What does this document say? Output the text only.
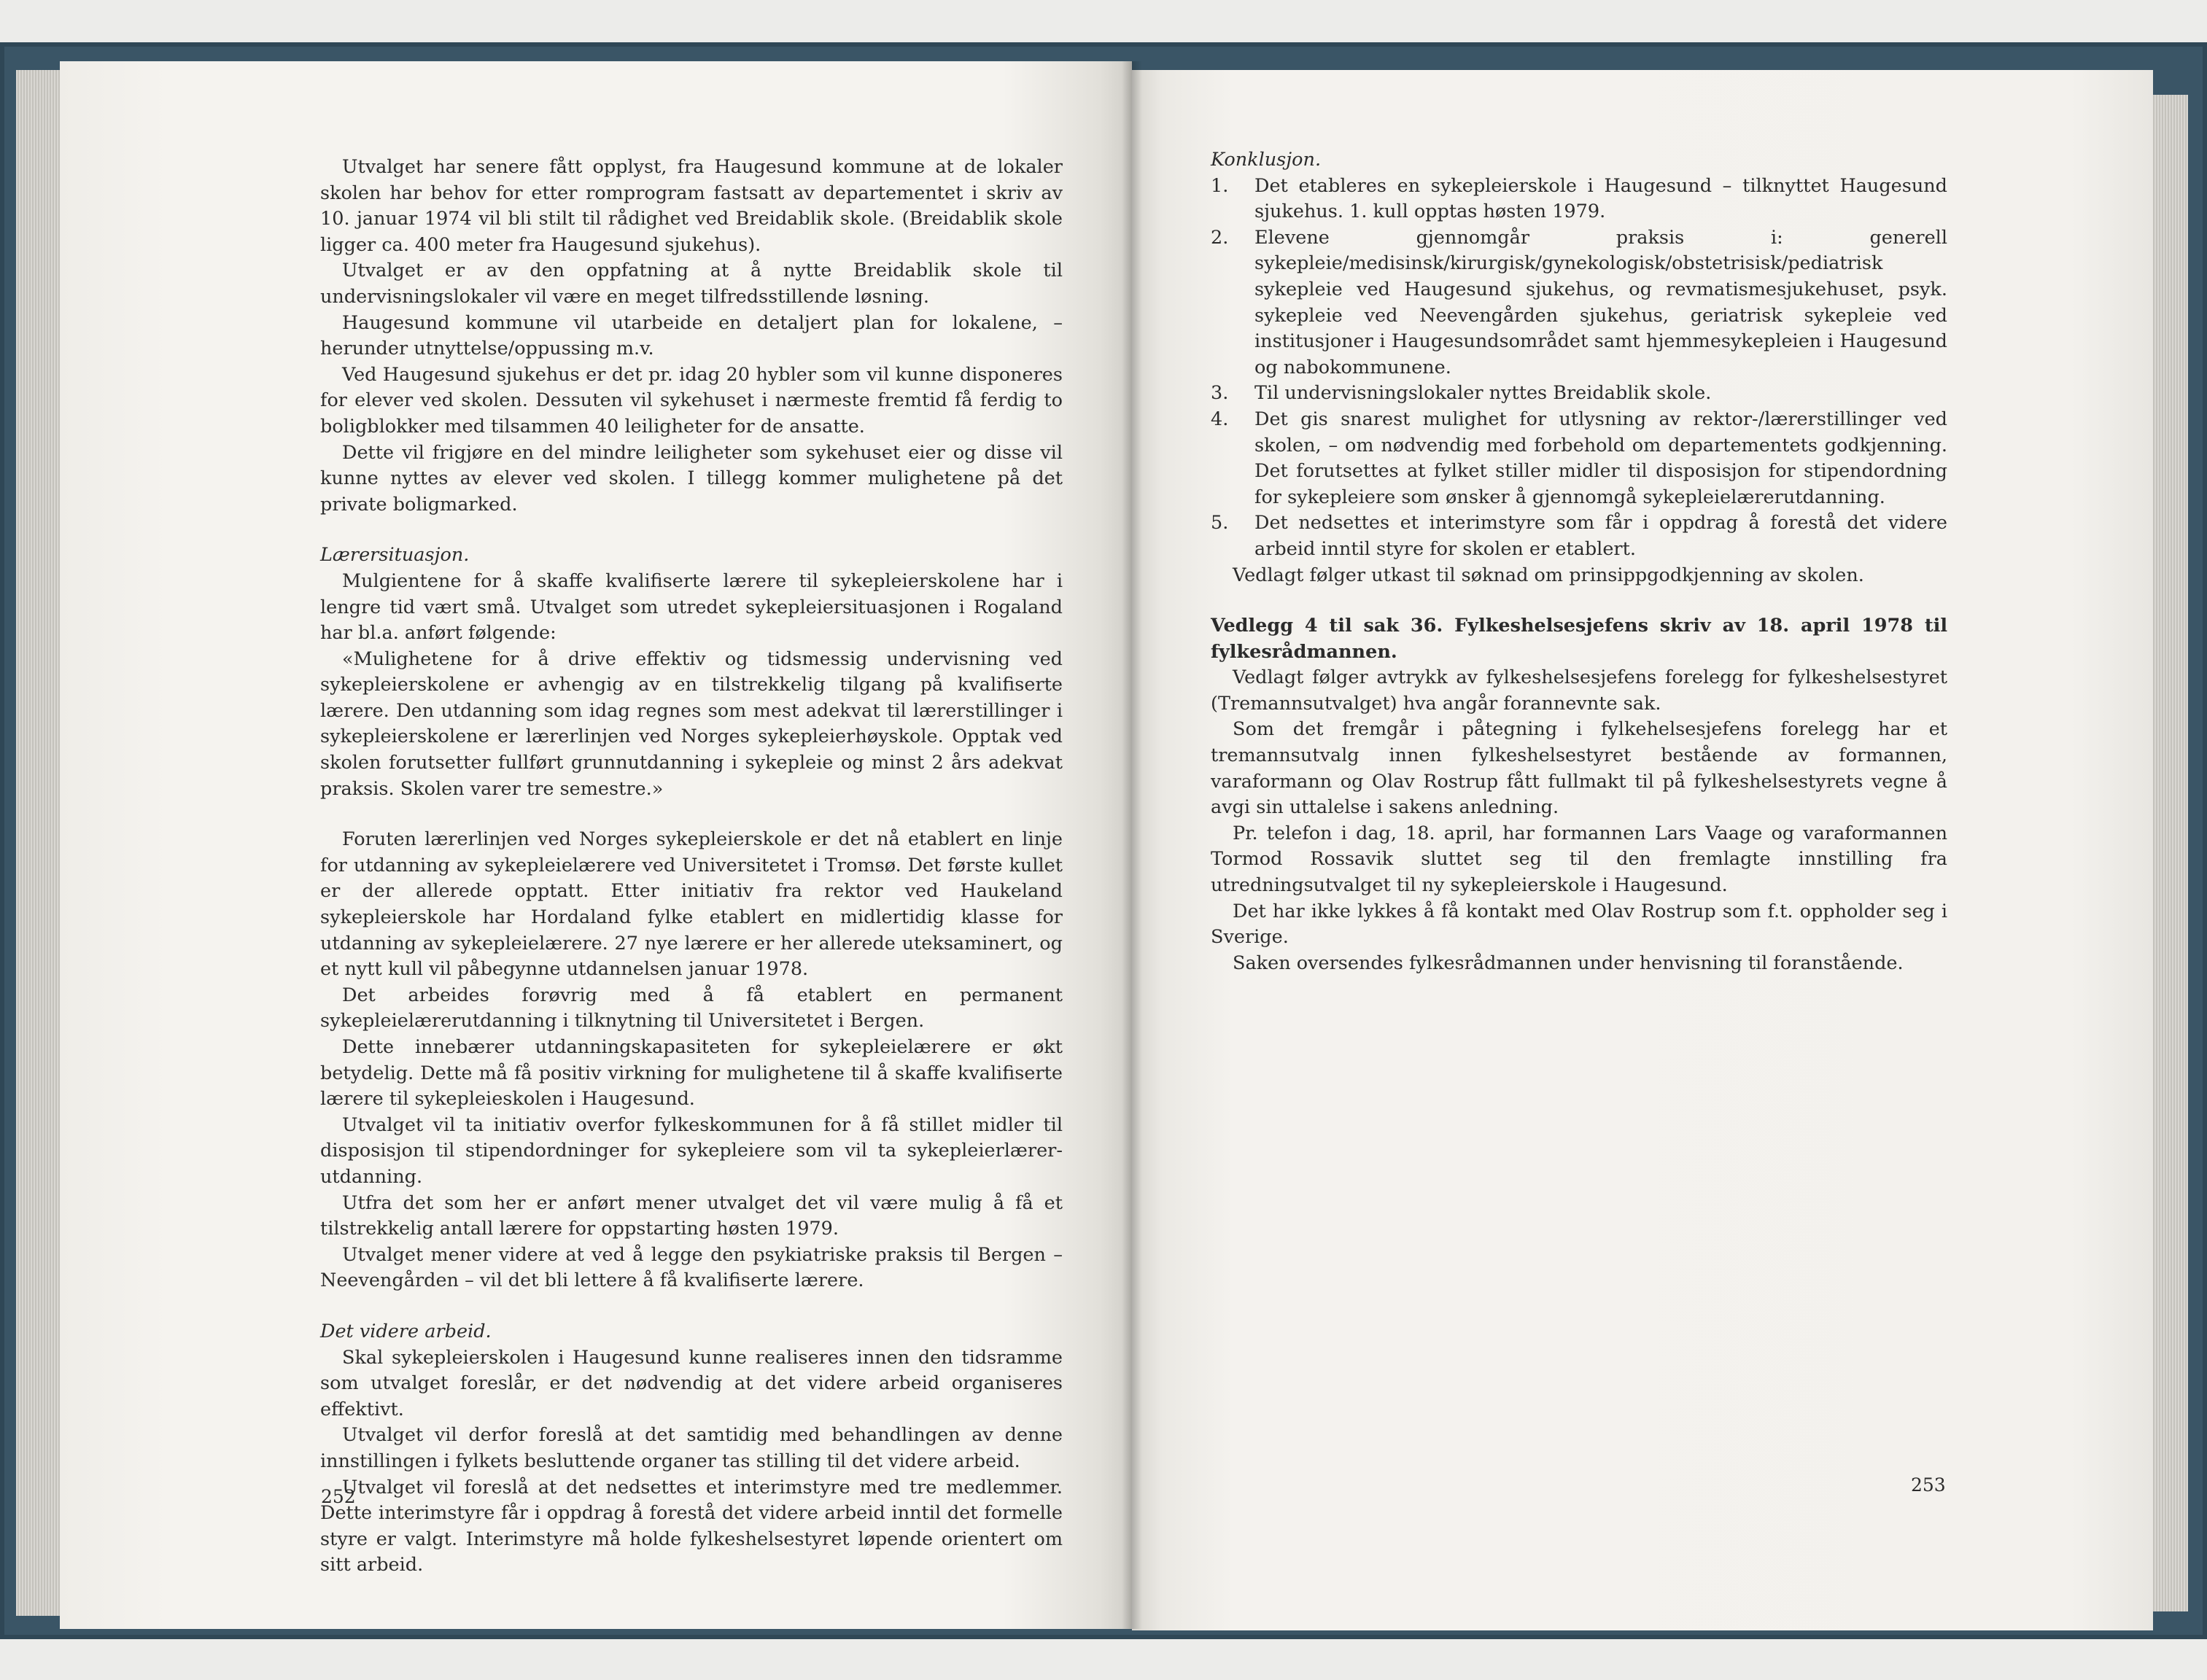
Utvalget har senere fått opplyst, fra Haugesund kommune at de lokaler skolen har behov for etter romprogram fastsatt av departementet i skriv av 10. januar 1974 vil bli stilt til rådighet ved Breidablik skole. (Breidablik skole ligger ca. 400 meter fra Haugesund sjukehus).

Utvalget er av den oppfatning at å nytte Breidablik skole til undervisningslokaler vil være en meget tilfredsstillende løsning.

Haugesund kommune vil utarbeide en detaljert plan for lokalene, – herunder utnyttelse/oppussing m.v.

Ved Haugesund sjukehus er det pr. idag 20 hybler som vil kunne disponeres for elever ved skolen. Dessuten vil sykehuset i nærmeste fremtid få ferdig to boligblokker med tilsammen 40 leiligheter for de ansatte.

Dette vil frigjøre en del mindre leiligheter som sykehuset eier og disse vil kunne nyttes av elever ved skolen. I tillegg kommer mulighetene på det private boligmarked.

Lærersituasjon.

Mulgientene for å skaffe kvalifiserte lærere til sykepleierskolene har i lengre tid vært små. Utvalget som utredet sykepleiersituasjonen i Rogaland har bl.a. anført følgende:

«Mulighetene for å drive effektiv og tidsmessig undervisning ved sykepleierskolene er avhengig av en tilstrekkelig tilgang på kvalifiserte lærere. Den utdanning som idag regnes som mest adekvat til lærerstillinger i sykepleierskolene er lærerlinjen ved Norges sykepleierhøyskole. Opptak ved skolen forutsetter fullført grunnutdanning i sykepleie og minst 2 års adekvat praksis. Skolen varer tre semestre.»

Foruten lærerlinjen ved Norges sykepleierskole er det nå etablert en linje for utdanning av sykepleielærere ved Universitetet i Tromsø. Det første kullet er der allerede opptatt. Etter initiativ fra rektor ved Haukeland sykepleierskole har Hordaland fylke etablert en midlertidig klasse for utdanning av sykepleielærere. 27 nye lærere er her allerede uteksaminert, og et nytt kull vil påbegynne utdannelsen januar 1978.

Det arbeides forøvrig med å få etablert en permanent sykepleielærerutdanning i tilknytning til Universitetet i Bergen.

Dette innebærer utdanningskapasiteten for sykepleielærere er økt betydelig. Dette må få positiv virkning for mulighetene til å skaffe kvalifiserte lærere til sykepleieskolen i Haugesund.

Utvalget vil ta initiativ overfor fylkeskommunen for å få stillet midler til disposisjon til stipendordninger for sykepleiere som vil ta sykepleierlærer-utdanning.

Utfra det som her er anført mener utvalget det vil være mulig å få et tilstrekkelig antall lærere for oppstarting høsten 1979.

Utvalget mener videre at ved å legge den psykiatriske praksis til Bergen – Neevengården – vil det bli lettere å få kvalifiserte lærere.

Det videre arbeid.

Skal sykepleierskolen i Haugesund kunne realiseres innen den tidsramme som utvalget foreslår, er det nødvendig at det videre arbeid organiseres effektivt.

Utvalget vil derfor foreslå at det samtidig med behandlingen av denne innstillingen i fylkets besluttende organer tas stilling til det videre arbeid.

Utvalget vil foreslå at det nedsettes et interimstyre med tre medlemmer. Dette interimstyre får i oppdrag å forestå det videre arbeid inntil det formelle styre er valgt. Interimstyre må holde fylkeshelsestyret løpende orientert om sitt arbeid.

252

Konklusjon.

1. Det etableres en sykepleierskole i Haugesund – tilknyttet Haugesund sjukehus. 1. kull opptas høsten 1979.
2. Elevene gjennomgår praksis i: generell sykepleie/medisinsk/kirurgisk/gynekologisk/obstetrisisk/pediatrisk sykepleie ved Haugesund sjukehus, og revmatismesjukehuset, psyk. sykepleie ved Neevengården sjukehus, geriatrisk sykepleie ved institusjoner i Haugesundsområdet samt hjemmesykepleien i Haugesund og nabokommunene.
3. Til undervisningslokaler nyttes Breidablik skole.
4. Det gis snarest mulighet for utlysning av rektor-/lærerstillinger ved skolen, – om nødvendig med forbehold om departementets godkjenning. Det forutsettes at fylket stiller midler til disposisjon for stipendordning for sykepleiere som ønsker å gjennomgå sykepleielærerutdanning.
5. Det nedsettes et interimstyre som får i oppdrag å forestå det videre arbeid inntil styre for skolen er etablert.

Vedlagt følger utkast til søknad om prinsippgodkjenning av skolen.

Vedlegg 4 til sak 36. Fylkeshelsesjefens skriv av 18. april 1978 til fylkesrådmannen.

Vedlagt følger avtrykk av fylkeshelsesjefens forelegg for fylkeshelsestyret (Tremannsutvalget) hva angår forannevnte sak.

Som det fremgår i påtegning i fylkehelsesjefens forelegg har et tremannsutvalg innen fylkeshelsestyret bestående av formannen, varaformann og Olav Rostrup fått fullmakt til på fylkeshelsestyrets vegne å avgi sin uttalelse i sakens anledning.

Pr. telefon i dag, 18. april, har formannen Lars Vaage og varaformannen Tormod Rossavik sluttet seg til den fremlagte innstilling fra utredningsutvalget til ny sykepleierskole i Haugesund.

Det har ikke lykkes å få kontakt med Olav Rostrup som f.t. oppholder seg i Sverige.

Saken oversendes fylkesrådmannen under henvisning til foranstående.

253
